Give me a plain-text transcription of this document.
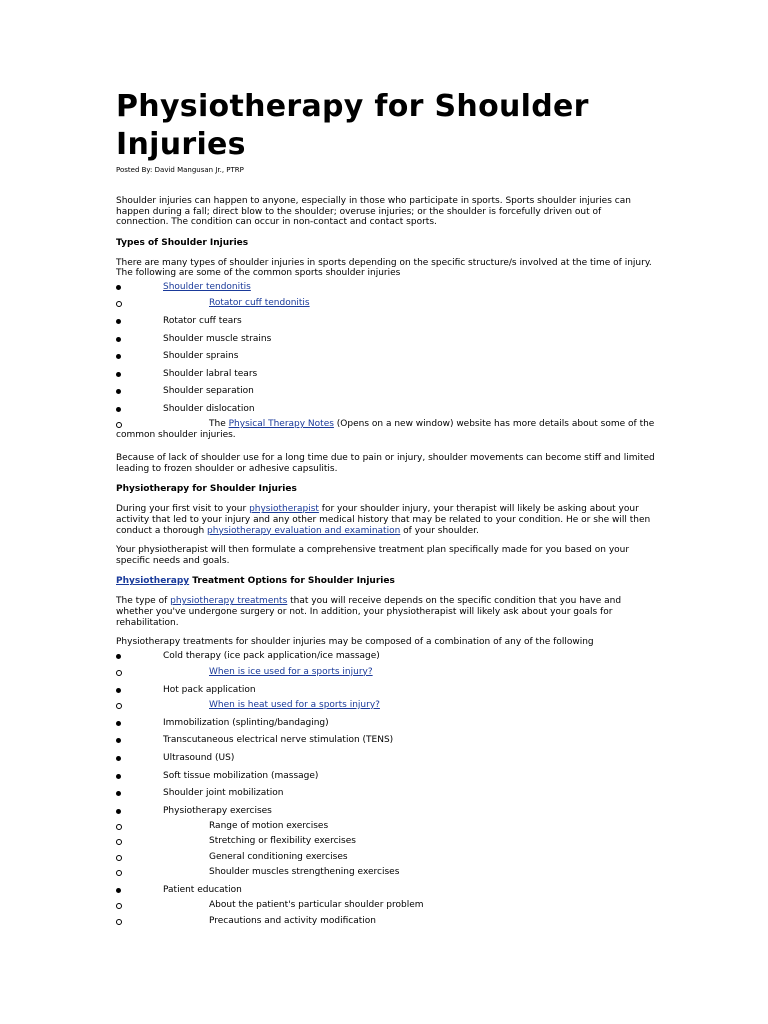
Physiotherapy for Shoulder Injuries
Posted By: David Mangusan Jr., PTRP

Shoulder injuries can happen to anyone, especially in those who participate in sports. Sports shoulder injuries can happen during a fall; direct blow to the shoulder; overuse injuries; or the shoulder is forcefully driven out of connection. The condition can occur in non-contact and contact sports.

Types of Shoulder Injuries

There are many types of shoulder injuries in sports depending on the specific structure/s involved at the time of injury. The following are some of the common sports shoulder injuries

Shoulder tendonitis
Rotator cuff tendonitis
Rotator cuff tears
Shoulder muscle strains
Shoulder sprains
Shoulder labral tears
Shoulder separation
Shoulder dislocation
The Physical Therapy Notes (Opens on a new window) website has more details about some of the common shoulder injuries.

Because of lack of shoulder use for a long time due to pain or injury, shoulder movements can become stiff and limited leading to frozen shoulder or adhesive capsulitis.

Physiotherapy for Shoulder Injuries

During your first visit to your physiotherapist for your shoulder injury, your therapist will likely be asking about your activity that led to your injury and any other medical history that may be related to your condition. He or she will then conduct a thorough physiotherapy evaluation and examination of your shoulder.

Your physiotherapist will then formulate a comprehensive treatment plan specifically made for you based on your specific needs and goals.

Physiotherapy Treatment Options for Shoulder Injuries

The type of physiotherapy treatments that you will receive depends on the specific condition that you have and whether you've undergone surgery or not. In addition, your physiotherapist will likely ask about your goals for rehabilitation.

Physiotherapy treatments for shoulder injuries may be composed of a combination of any of the following

Cold therapy (ice pack application/ice massage)
When is ice used for a sports injury?
Hot pack application
When is heat used for a sports injury?
Immobilization (splinting/bandaging)
Transcutaneous electrical nerve stimulation (TENS)
Ultrasound (US)
Soft tissue mobilization (massage)
Shoulder joint mobilization
Physiotherapy exercises
Range of motion exercises
Stretching or flexibility exercises
General conditioning exercises
Shoulder muscles strengthening exercises
Patient education
About the patient's particular shoulder problem
Precautions and activity modification
